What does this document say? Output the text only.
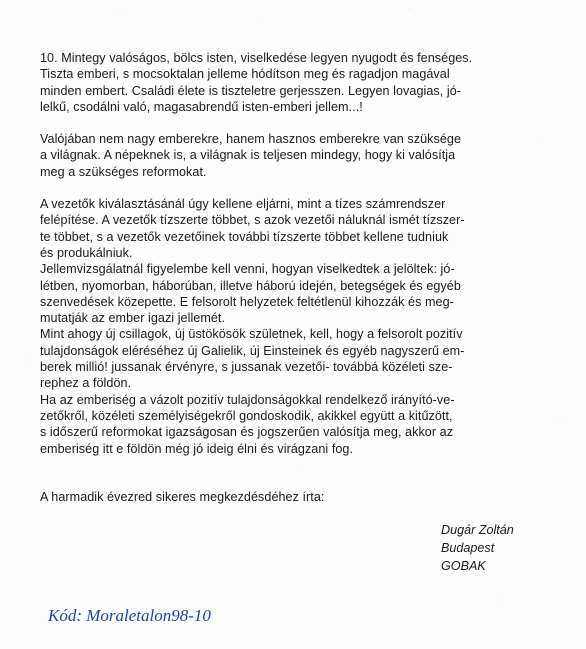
10. Mintegy valóságos, bölcs isten, viselkedése legyen nyugodt és fenséges.
Tiszta emberi, s mocsoktalan jelleme hódítson meg és ragadjon magával
minden embert. Családi élete is tiszteletre gerjesszen. Legyen lovagias, jó-
lelkű, csodálni való, magasabrendű isten-emberi jellem...!

Valójában nem nagy emberekre, hanem hasznos emberekre van szüksége
a világnak. A népeknek is, a világnak is teljesen mindegy, hogy ki valósítja
meg a szükséges reformokat.

A vezetők kiválasztásánál úgy kellene eljárni, mint a tízes számrendszer
felépítése. A vezetők tízszerte többet, s azok vezetői náluknál ismét tízszer-
te többet, s a vezetők vezetőinek további tízszerte többet kellene tudniuk
és produkálniuk.
Jellemvizsgálatnál figyelembe kell venni, hogyan viselkedtek a jelöltek: jó-
létben, nyomorban, háborúban, illetve háború idején, betegségek és egyéb
szenvedések közepette. E felsorolt helyzetek feltétlenül kihozzák és meg-
mutatják az ember igazi jellemét.
Mint ahogy új csillagok, új üstökösök születnek, kell, hogy a felsorolt pozitív
tulajdonságok eléréséhez új Galielik, új Einsteinek és egyéb nagyszerű em-
berek millió! jussanak érvényre, s jussanak vezetői- továbbá közéleti sze-
rephez a földön.
Ha az emberiség a vázolt pozitív tulajdonságokkal rendelkező irányító-ve-
zetőkről, közéleti személyiségekről gondoskodik, akikkel együtt a kitűzött,
s időszerű reformokat igazságosan és jogszerűen valósítja meg, akkor az
emberiség itt e földön még jó ideig élni és virágzani fog.

A harmadik évezred sikeres megkezdésdéhez írta:

Dugár Zoltán
Budapest
GOBAK
Kód: Moraletalon98-10
